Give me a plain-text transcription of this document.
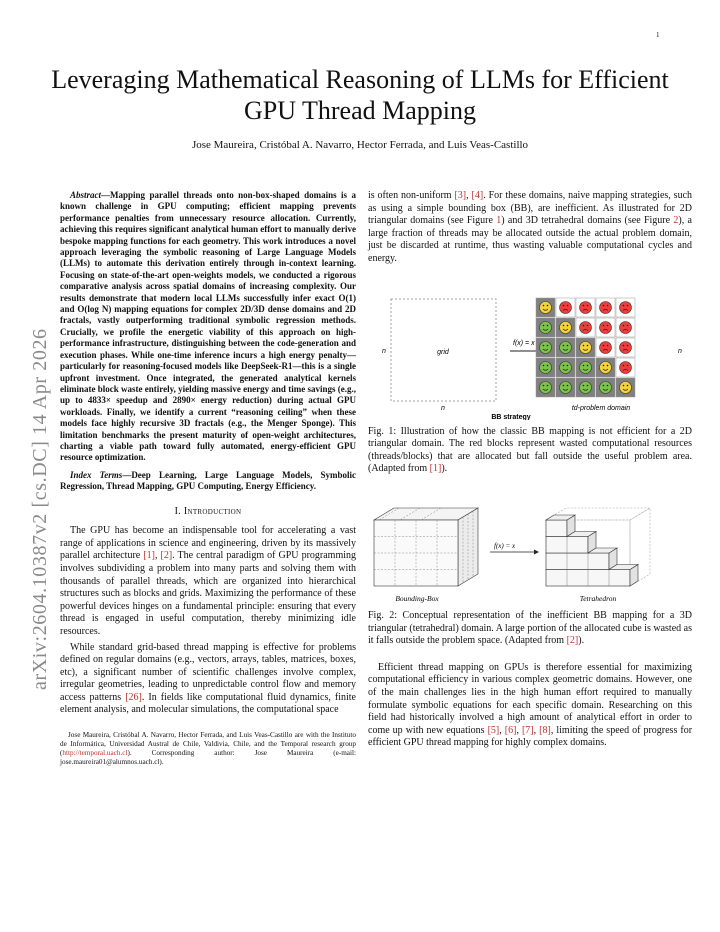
1
arXiv:2604.10387v2 [cs.DC] 14 Apr 2026
Leveraging Mathematical Reasoning of LLMs for Efficient GPU Thread Mapping
Jose Maureira, Cristóbal A. Navarro, Hector Ferrada, and Luis Veas-Castillo

Abstract—Mapping parallel threads onto non-box-shaped domains is a known challenge in GPU computing; efficient mapping prevents performance penalties from unnecessary resource allocation. Currently, achieving this requires significant analytical human effort to manually derive bespoke mapping functions for each geometry. This work introduces a novel approach leveraging the symbolic reasoning of Large Language Models (LLMs) to automate this derivation entirely through in-context learning. Focusing on state-of-the-art open-weights models, we conducted a rigorous comparative analysis across spatial domains of increasing complexity. Our results demonstrate that modern local LLMs successfully infer exact O(1) and O(log N) mapping equations for complex 2D/3D dense domains and 2D fractals, vastly outperforming traditional symbolic regression methods. Crucially, we profile the energetic viability of this approach on high-performance infrastructure, distinguishing between the code-generation and execution phases. While one-time inference incurs a high energy penalty—particularly for reasoning-focused models like DeepSeek-R1—this is a single upfront investment. Once integrated, the generated analytical kernels eliminate block waste entirely, yielding massive energy and time savings (e.g., up to 4833× speedup and 2890× energy reduction) during actual GPU workloads. Finally, we identify a current “reasoning ceiling” when these models face highly recursive 3D fractals (e.g., the Menger Sponge). This limitation benchmarks the present maturity of open-weight architectures, charting a viable path toward fully automated, energy-efficient GPU resource optimization.

Index Terms—Deep Learning, Large Language Models, Symbolic Regression, Thread Mapping, GPU Computing, Energy Efficiency.

I. Introduction

The GPU has become an indispensable tool for accelerating a vast range of applications in science and engineering, driven by its massively parallel architecture [1], [2]. The central paradigm of GPU programming involves subdividing a problem into many parts and solving them with thousands of parallel threads, which are organized into hierarchical structures such as blocks and grids. Maximizing the performance of these powerful devices hinges on a fundamental principle: ensuring that every thread is engaged in useful computation, thereby minimizing idle resources.

While standard grid-based thread mapping is effective for problems defined on regular domains (e.g., vectors, arrays, tables, matrices, boxes, etc), a significant number of scientific challenges involve complex, irregular geometries, leading to unpredictable control flow and memory access patterns [26]. In fields like computational fluid dynamics, finite element analysis, and molecular simulations, the computational space

Jose Maureira, Cristóbal A. Navarro, Hector Ferrada, and Luis Veas-Castillo are with the Instituto de Informática, Universidad Austral de Chile, Valdivia, Chile, and the Temporal research group (http://temporal.uach.cl). Corresponding author: Jose Maureira (e-mail: jose.maureira01@alumnos.uach.cl).

is often non-uniform [3], [4]. For these domains, naive mapping strategies, such as using a simple bounding box (BB), are inefficient. As illustrated for 2D triangular domains (see Figure 1) and 3D tetrahedral domains (see Figure 2), a large fraction of threads may be allocated outside the actual problem domain, just be discarded at runtime, thus wasting valuable computational cycles and energy.

grid
n
n
f(x) = x
n
td-problem domain
BB strategy

Fig. 1: Illustration of how the classic BB mapping is not efficient for a 2D triangular domain. The red blocks represent wasted computational resources (threads/blocks) that are allocated but fall outside the useful problem area. (Adapted from [1]).

f(x) = x
Bounding-Box	Tetrahedron

Fig. 2: Conceptual representation of the inefficient BB mapping for a 3D triangular (tetrahedral) domain. A large portion of the allocated cube is wasted as it falls outside the problem space. (Adapted from [2]).

Efficient thread mapping on GPUs is therefore essential for maximizing computational efficiency in various complex geometric domains. However, one of the main challenges lies in the high human effort required to manually formulate symbolic equations for each specific domain. Researching on this field had historically involved a high amount of analytical effort in order to come up with new equations [5], [6], [7], [8], limiting the speed of progress for efficient GPU thread mapping for highly complex domains.
